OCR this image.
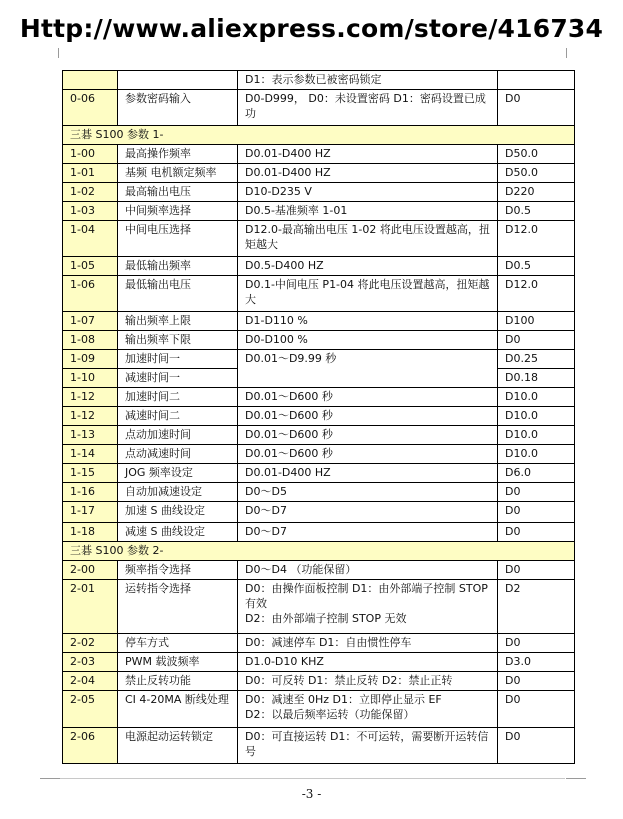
Http://www.aliexpress.com/store/416734
		D1：表示参数已被密码锁定	
0-06	参数密码输入	D0-D999， D0：未设置密码 D1：密码设置已成功	D0
三碁 S100 参数 1-			
1-00	最高操作频率	D0.01-D400 HZ	D50.0
1-01	基频 电机额定频率	D0.01-D400 HZ	D50.0
1-02	最高输出电压	D10-D235 V	D220
1-03	中间频率选择	D0.5-基准频率 1-01	D0.5
1-04	中间电压选择	D12.0-最高输出电压 1-02 将此电压设置越高，扭矩越大	D12.0
1-05	最低输出频率	D0.5-D400 HZ	D0.5
1-06	最低输出电压	D0.1-中间电压 P1-04 将此电压设置越高，扭矩越大	D12.0
1-07	输出频率上限	D1-D110 %	D100
1-08	输出频率下限	D0-D100 %	D0
1-09	加速时间一	D0.01～D9.99 秒	D0.25
1-10	减速时间一		D0.18
1-12	加速时间二	D0.01～D600 秒	D10.0
1-12	减速时间二	D0.01～D600 秒	D10.0
1-13	点动加速时间	D0.01～D600 秒	D10.0
1-14	点动减速时间	D0.01～D600 秒	D10.0
1-15	JOG 频率设定	D0.01-D400 HZ	D6.0
1-16	自动加减速设定	D0～D5	D0
1-17	加速 S 曲线设定	D0～D7	D0
1-18	减速 S 曲线设定	D0～D7	D0
三碁 S100 参数 2-			
2-00	频率指令选择	D0～D4 （功能保留）	D0
2-01	运转指令选择	D0：由操作面板控制 D1：由外部端子控制 STOP 有效
D2：由外部端子控制 STOP 无效	D2
2-02	停车方式	D0：减速停车 D1：自由惯性停车	D0
2-03	PWM 载波频率	D1.0-D10 KHZ	D3.0
2-04	禁止反转功能	D0：可反转 D1：禁止反转 D2：禁止正转	D0
2-05	CI 4-20MA 断线处理	D0：减速至 0Hz D1：立即停止显示 EF
D2：以最后频率运转（功能保留）	D0
2-06	电源起动运转锁定	D0：可直接运转 D1：不可运转，需要断开运转信号	D0
-3 -
